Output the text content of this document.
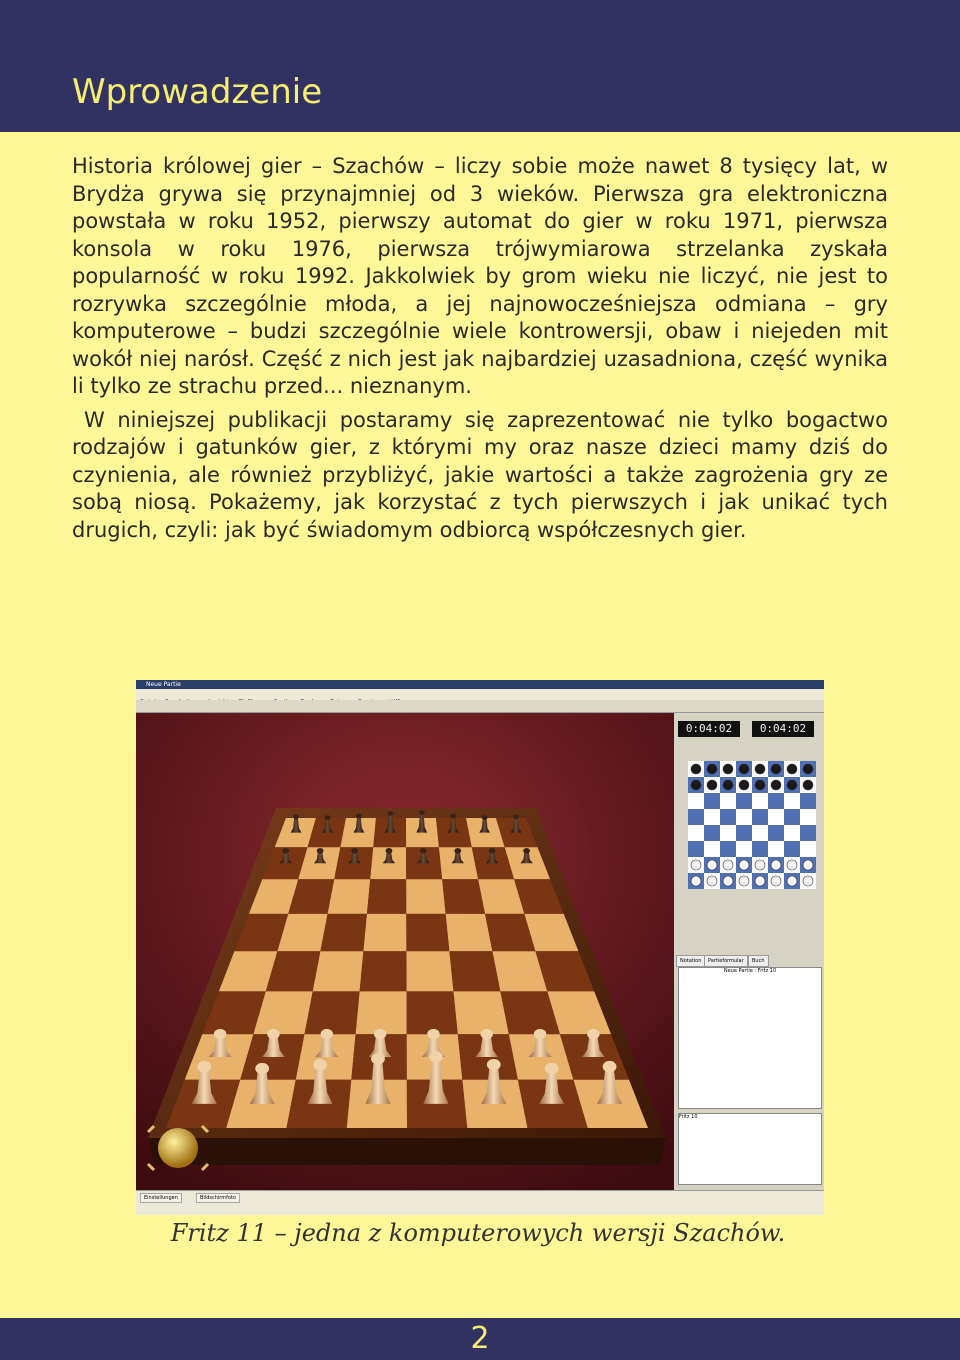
Wprowadzenie

Historia królowej gier – Szachów – liczy sobie może nawet 8 tysięcy lat, w Brydża grywa się przynajmniej od 3 wieków. Pierwsza gra elektroniczna powstała w roku 1952, pierwszy automat do gier w roku 1971, pierwsza konsola w roku 1976, pierwsza trójwymiarowa strzelanka zyskała popularność w roku 1992. Jakkolwiek by grom wieku nie liczyć, nie jest to rozrywka szczególnie młoda, a jej najnowocześniejsza odmiana – gry komputerowe – budzi szczególnie wiele kontrowersji, obaw i niejeden mit wokół niej narósł. Część z nich jest jak najbardziej uzasadniona, część wynika li tylko ze strachu przed... nieznanym.

W niniejszej publikacji postaramy się zaprezentować nie tylko bogactwo rodzajów i gatunków gier, z którymi my oraz nasze dzieci mamy dziś do czynienia, ale również przybliżyć, jakie wartości a także zagrożenia gry ze sobą niosą. Pokażemy, jak korzystać z tych pierwszych i jak unikać tych drugich, czyli: jak być świadomym odbiorcą współczesnych gier.

Neue Partie
0:04:02	0:04:02
Notation	Partieformular	Buch
Neue Partie : Fritz 10
Fritz 10
Einstellungen	Bildschirmfoto
Fritz 11 – jedna z komputerowych wersji Szachów.
2
